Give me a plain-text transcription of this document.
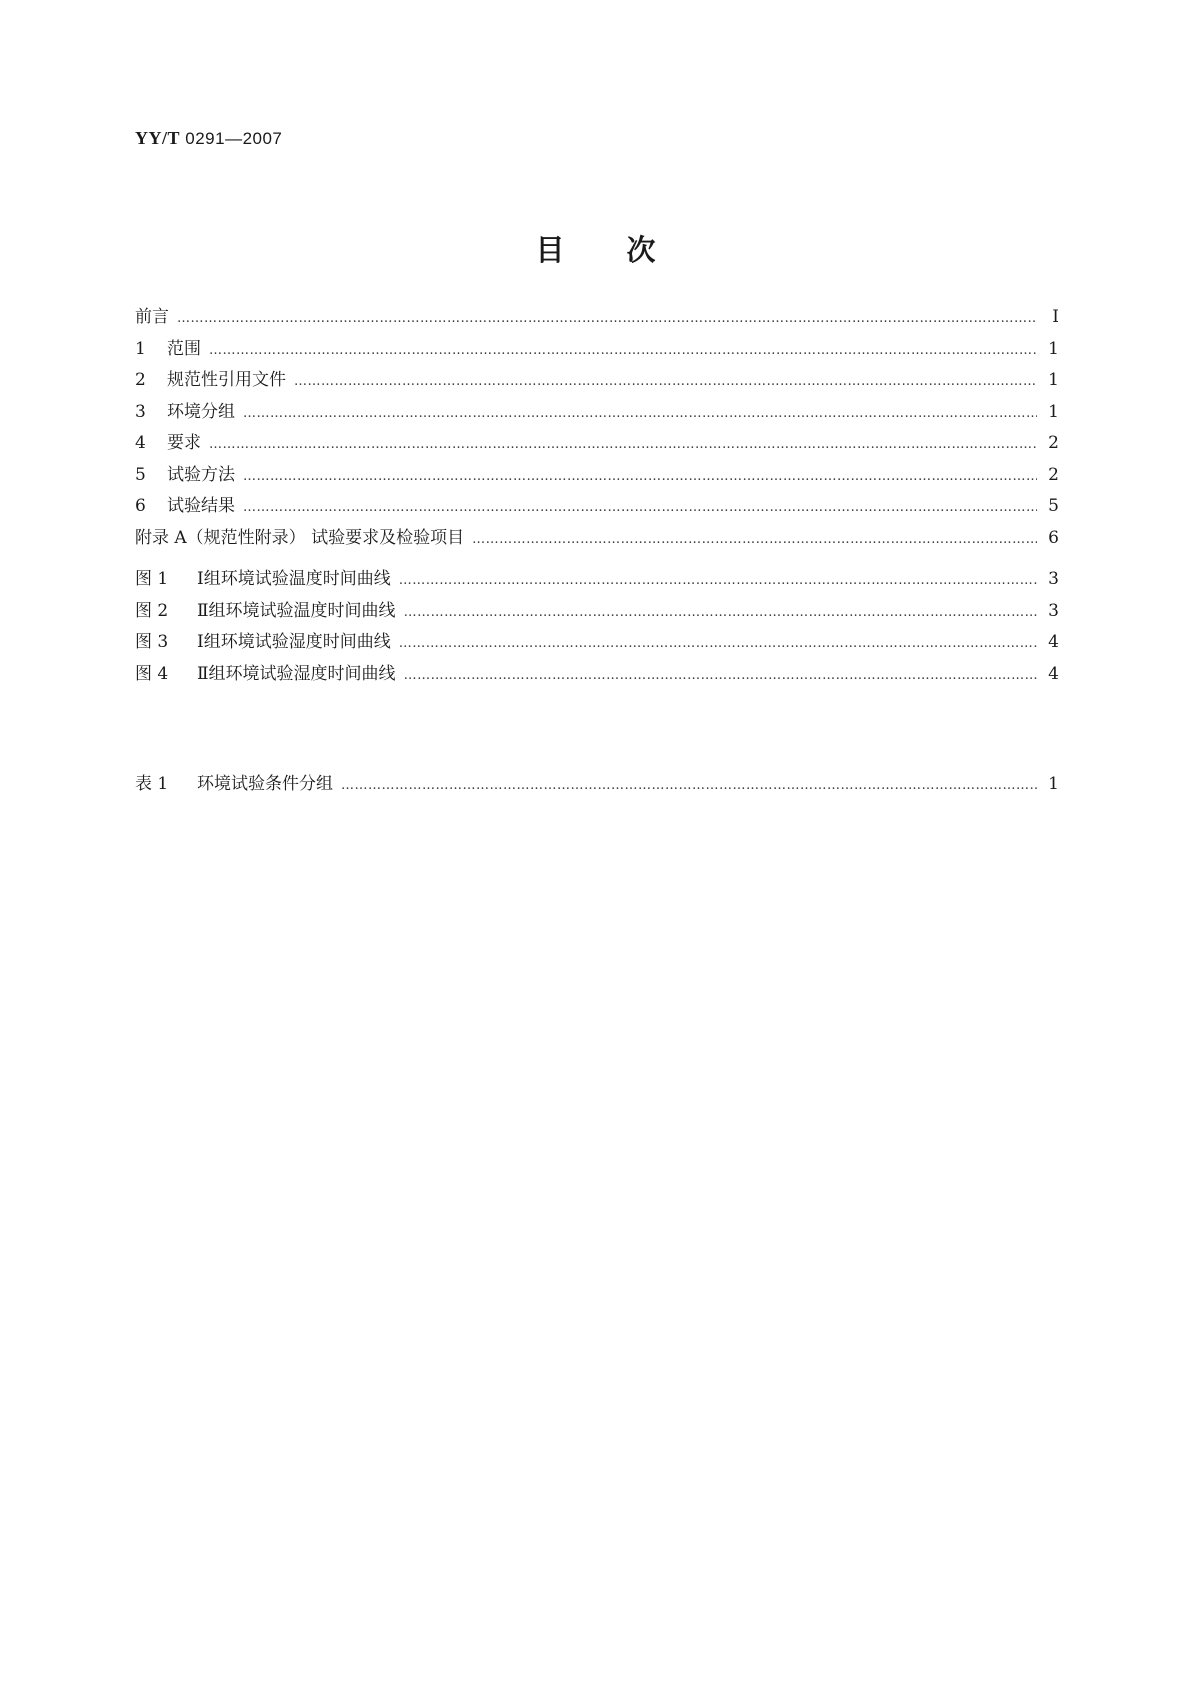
YY/T 0291—2007
目 次
前言 …………………………………………………………………………………………………………………………………………………………………………………………………………………	Ⅰ
1 范围 …………………………………………………………………………………………………………………………………………………………………………………………………………………	1
2 规范性引用文件 …………………………………………………………………………………………………………………………………………………………………………………………………………………	1
3 环境分组 …………………………………………………………………………………………………………………………………………………………………………………………………………………	1
4 要求 …………………………………………………………………………………………………………………………………………………………………………………………………………………	2
5 试验方法 …………………………………………………………………………………………………………………………………………………………………………………………………………………	2
6 试验结果 …………………………………………………………………………………………………………………………………………………………………………………………………………………	5
附录 A（规范性附录） 试验要求及检验项目 …………………………………………………………………………………………………………………………………………………………………………………………………………………	6
图 1 Ⅰ组环境试验温度时间曲线 …………………………………………………………………………………………………………………………………………………………………………………………………………………	3
图 2 Ⅱ组环境试验温度时间曲线 …………………………………………………………………………………………………………………………………………………………………………………………………………………	3
图 3 Ⅰ组环境试验湿度时间曲线 …………………………………………………………………………………………………………………………………………………………………………………………………………………	4
图 4 Ⅱ组环境试验湿度时间曲线 …………………………………………………………………………………………………………………………………………………………………………………………………………………	4
表 1 环境试验条件分组 …………………………………………………………………………………………………………………………………………………………………………………………………………………	1
